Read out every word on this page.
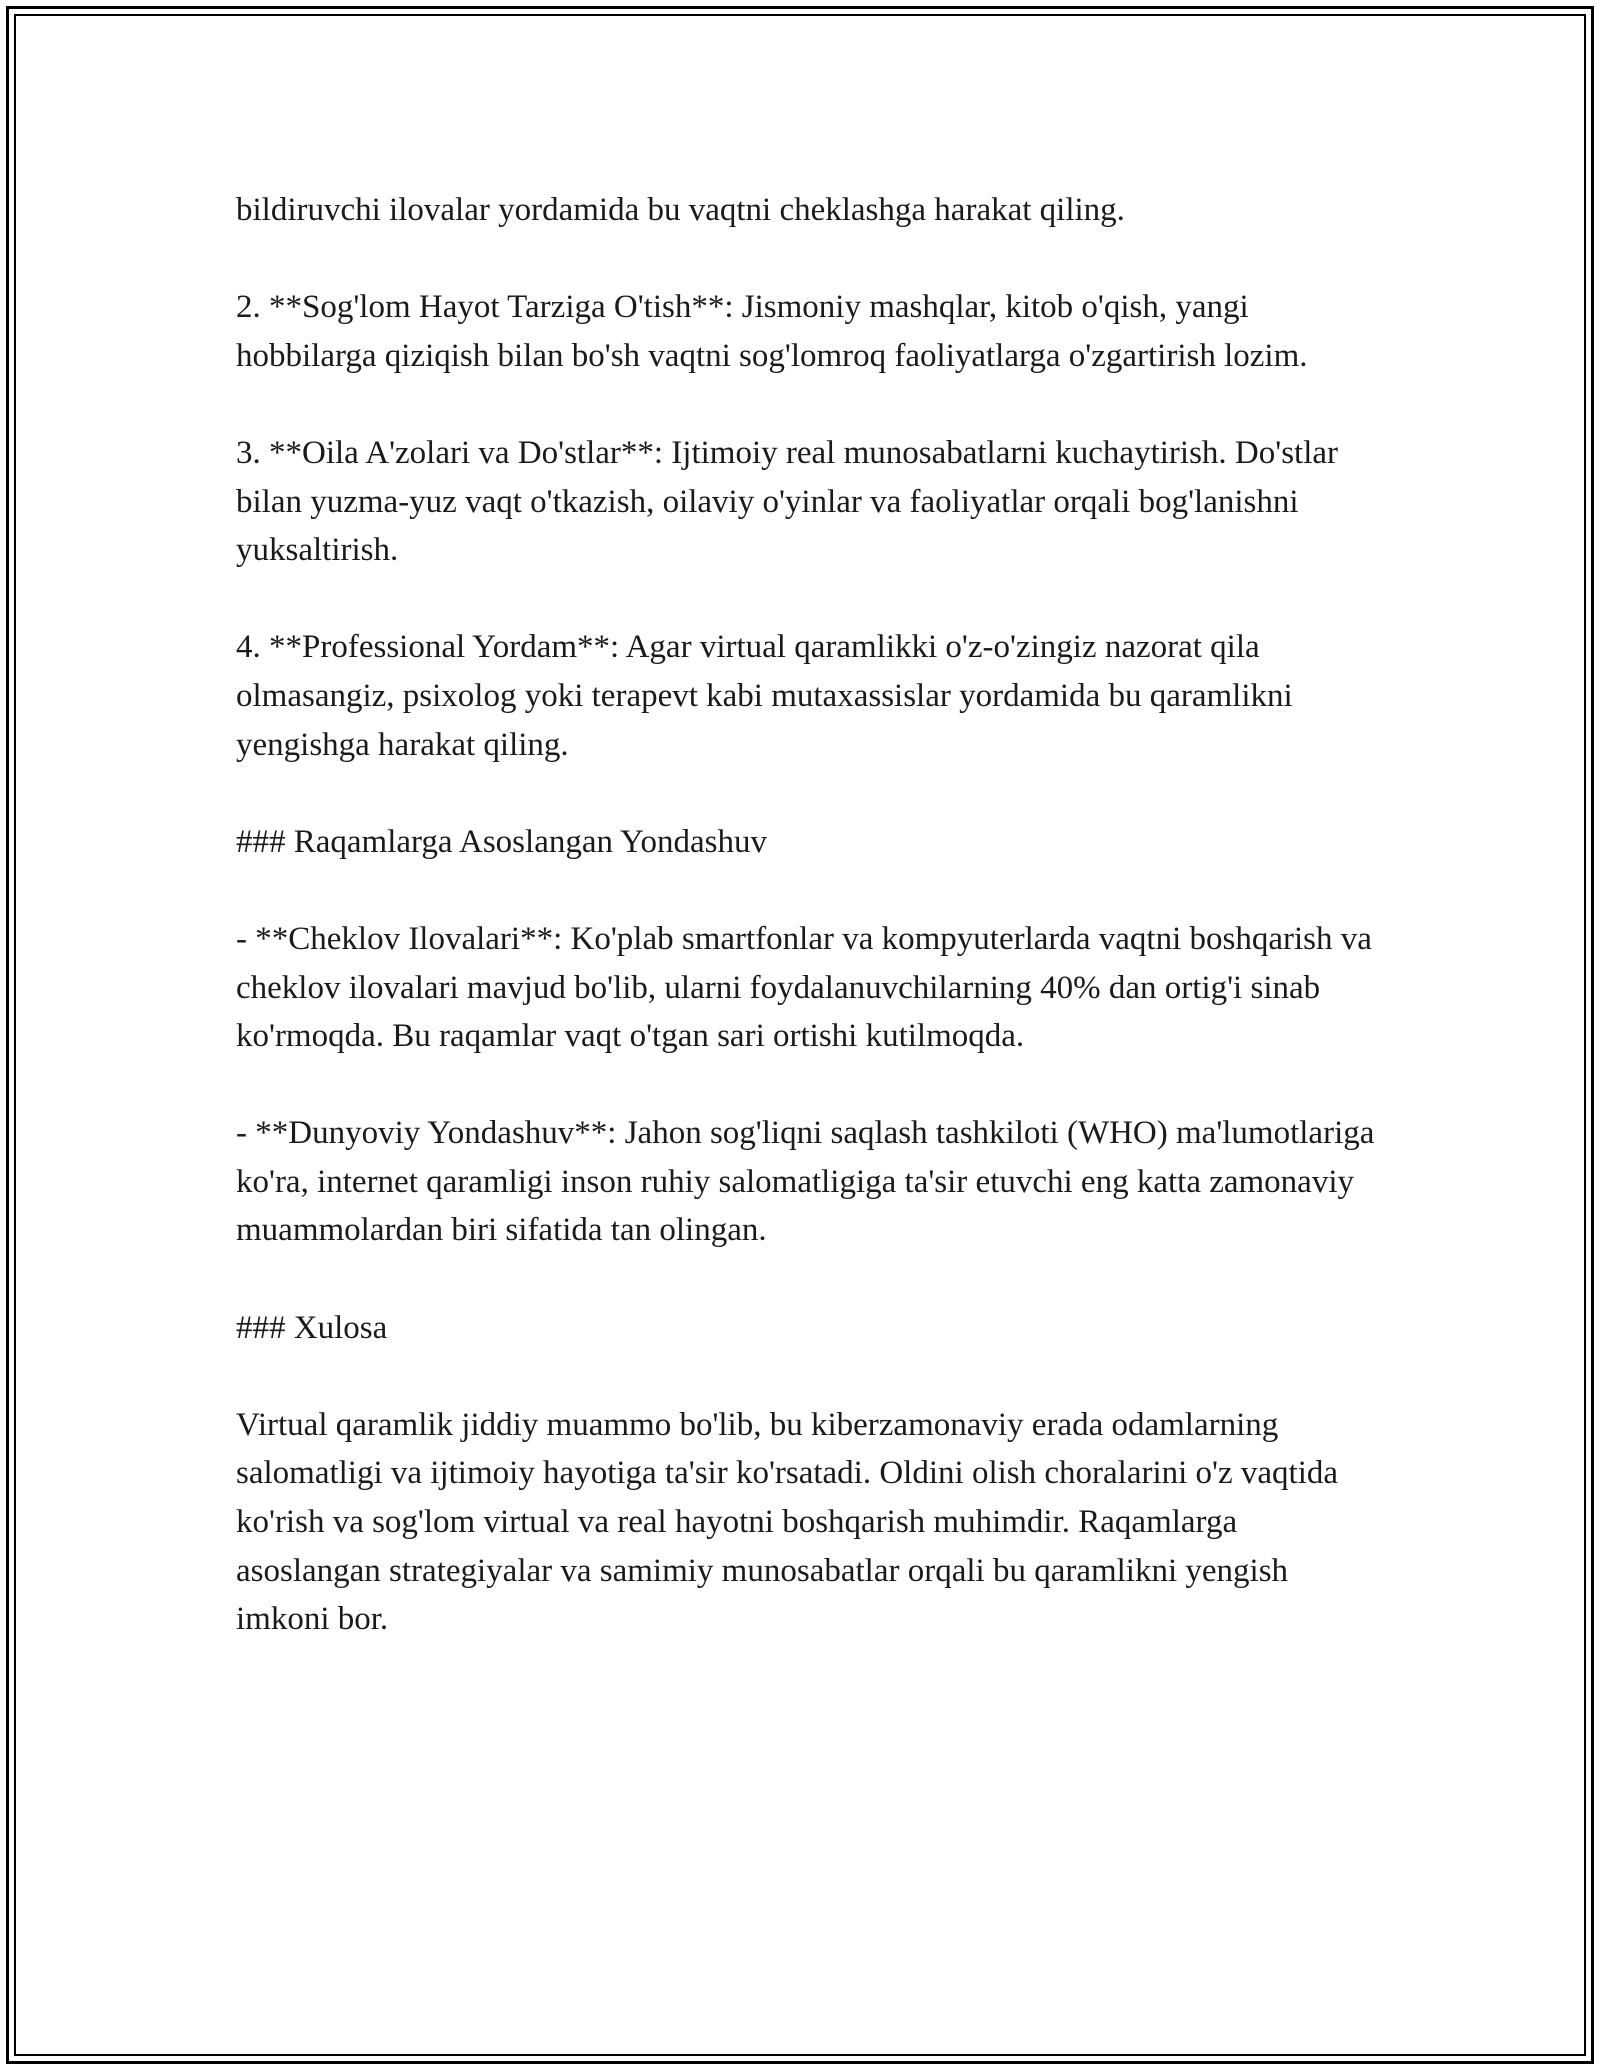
bildiruvchi ilovalar yordamida bu vaqtni cheklashga harakat qiling.

2. **Sog'lom Hayot Tarziga O'tish**: Jismoniy mashqlar, kitob o'qish, yangi hobbilarga qiziqish bilan bo'sh vaqtni sog'lomroq faoliyatlarga o'zgartirish lozim.

3. **Oila A'zolari va Do'stlar**: Ijtimoiy real munosabatlarni kuchaytirish. Do'stlar bilan yuzma-yuz vaqt o'tkazish, oilaviy o'yinlar va faoliyatlar orqali bog'lanishni yuksaltirish.

4. **Professional Yordam**: Agar virtual qaramlikki o'z-o'zingiz nazorat qila olmasangiz, psixolog yoki terapevt kabi mutaxassislar yordamida bu qaramlikni yengishga harakat qiling.

### Raqamlarga Asoslangan Yondashuv

- **Cheklov Ilovalari**: Ko'plab smartfonlar va kompyuterlarda vaqtni boshqarish va cheklov ilovalari mavjud bo'lib, ularni foydalanuvchilarning 40% dan ortig'i sinab ko'rmoqda. Bu raqamlar vaqt o'tgan sari ortishi kutilmoqda.

- **Dunyoviy Yondashuv**: Jahon sog'liqni saqlash tashkiloti (WHO) ma'lumotlariga ko'ra, internet qaramligi inson ruhiy salomatligiga ta'sir etuvchi eng katta zamonaviy muammolardan biri sifatida tan olingan.

### Xulosa

Virtual qaramlik jiddiy muammo bo'lib, bu kiberzamonaviy erada odamlarning salomatligi va ijtimoiy hayotiga ta'sir ko'rsatadi. Oldini olish choralarini o'z vaqtida ko'rish va sog'lom virtual va real hayotni boshqarish muhimdir. Raqamlarga asoslangan strategiyalar va samimiy munosabatlar orqali bu qaramlikni yengish imkoni bor.
